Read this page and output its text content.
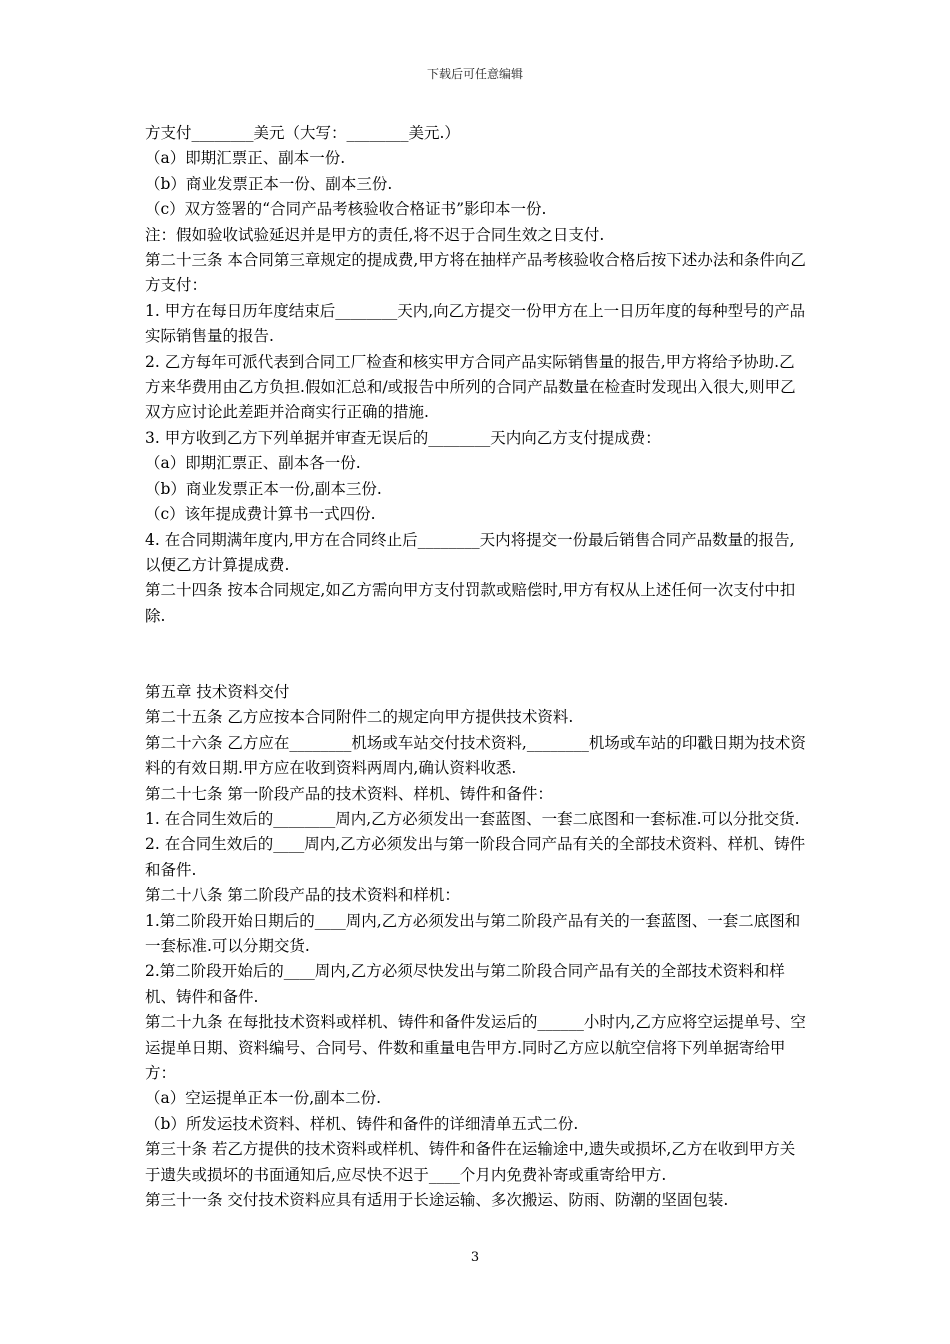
下载后可任意编辑

方支付________美元（大写：________美元.）

（a）即期汇票正、副本一份.

（b）商业发票正本一份、副本三份.

（c）双方签署的“合同产品考核验收合格证书”影印本一份.

注：假如验收试验延迟并是甲方的责任,将不迟于合同生效之日支付.

第二十三条 本合同第三章规定的提成费,甲方将在抽样产品考核验收合格后按下述办法和条件向乙方支付：

1. 甲方在每日历年度结束后________天内,向乙方提交一份甲方在上一日历年度的每种型号的产品实际销售量的报告.

2. 乙方每年可派代表到合同工厂检查和核实甲方合同产品实际销售量的报告,甲方将给予协助.乙方来华费用由乙方负担.假如汇总和/或报告中所列的合同产品数量在检查时发现出入很大,则甲乙双方应讨论此差距并洽商实行正确的措施.

3. 甲方收到乙方下列单据并审查无误后的________天内向乙方支付提成费：

（a）即期汇票正、副本各一份.

（b）商业发票正本一份,副本三份.

（c）该年提成费计算书一式四份.

4. 在合同期满年度内,甲方在合同终止后________天内将提交一份最后销售合同产品数量的报告,以便乙方计算提成费.

第二十四条 按本合同规定,如乙方需向甲方支付罚款或赔偿时,甲方有权从上述任何一次支付中扣除.

第五章 技术资料交付

第二十五条 乙方应按本合同附件二的规定向甲方提供技术资料.

第二十六条 乙方应在________机场或车站交付技术资料,________机场或车站的印戳日期为技术资料的有效日期.甲方应在收到资料两周内,确认资料收悉.

第二十七条 第一阶段产品的技术资料、样机、铸件和备件：

1. 在合同生效后的________周内,乙方必须发出一套蓝图、一套二底图和一套标准.可以分批交货.

2. 在合同生效后的____周内,乙方必须发出与第一阶段合同产品有关的全部技术资料、样机、铸件和备件.

第二十八条 第二阶段产品的技术资料和样机：

1.第二阶段开始日期后的____周内,乙方必须发出与第二阶段产品有关的一套蓝图、一套二底图和一套标准.可以分期交货.

2.第二阶段开始后的____周内,乙方必须尽快发出与第二阶段合同产品有关的全部技术资料和样机、铸件和备件.

第二十九条 在每批技术资料或样机、铸件和备件发运后的______小时内,乙方应将空运提单号、空运提单日期、资料编号、合同号、件数和重量电告甲方.同时乙方应以航空信将下列单据寄给甲方：

（a）空运提单正本一份,副本二份.

（b）所发运技术资料、样机、铸件和备件的详细清单五式二份.

第三十条 若乙方提供的技术资料或样机、铸件和备件在运输途中,遗失或损坏,乙方在收到甲方关于遗失或损坏的书面通知后,应尽快不迟于____个月内免费补寄或重寄给甲方.

第三十一条 交付技术资料应具有适用于长途运输、多次搬运、防雨、防潮的坚固包装.

3
